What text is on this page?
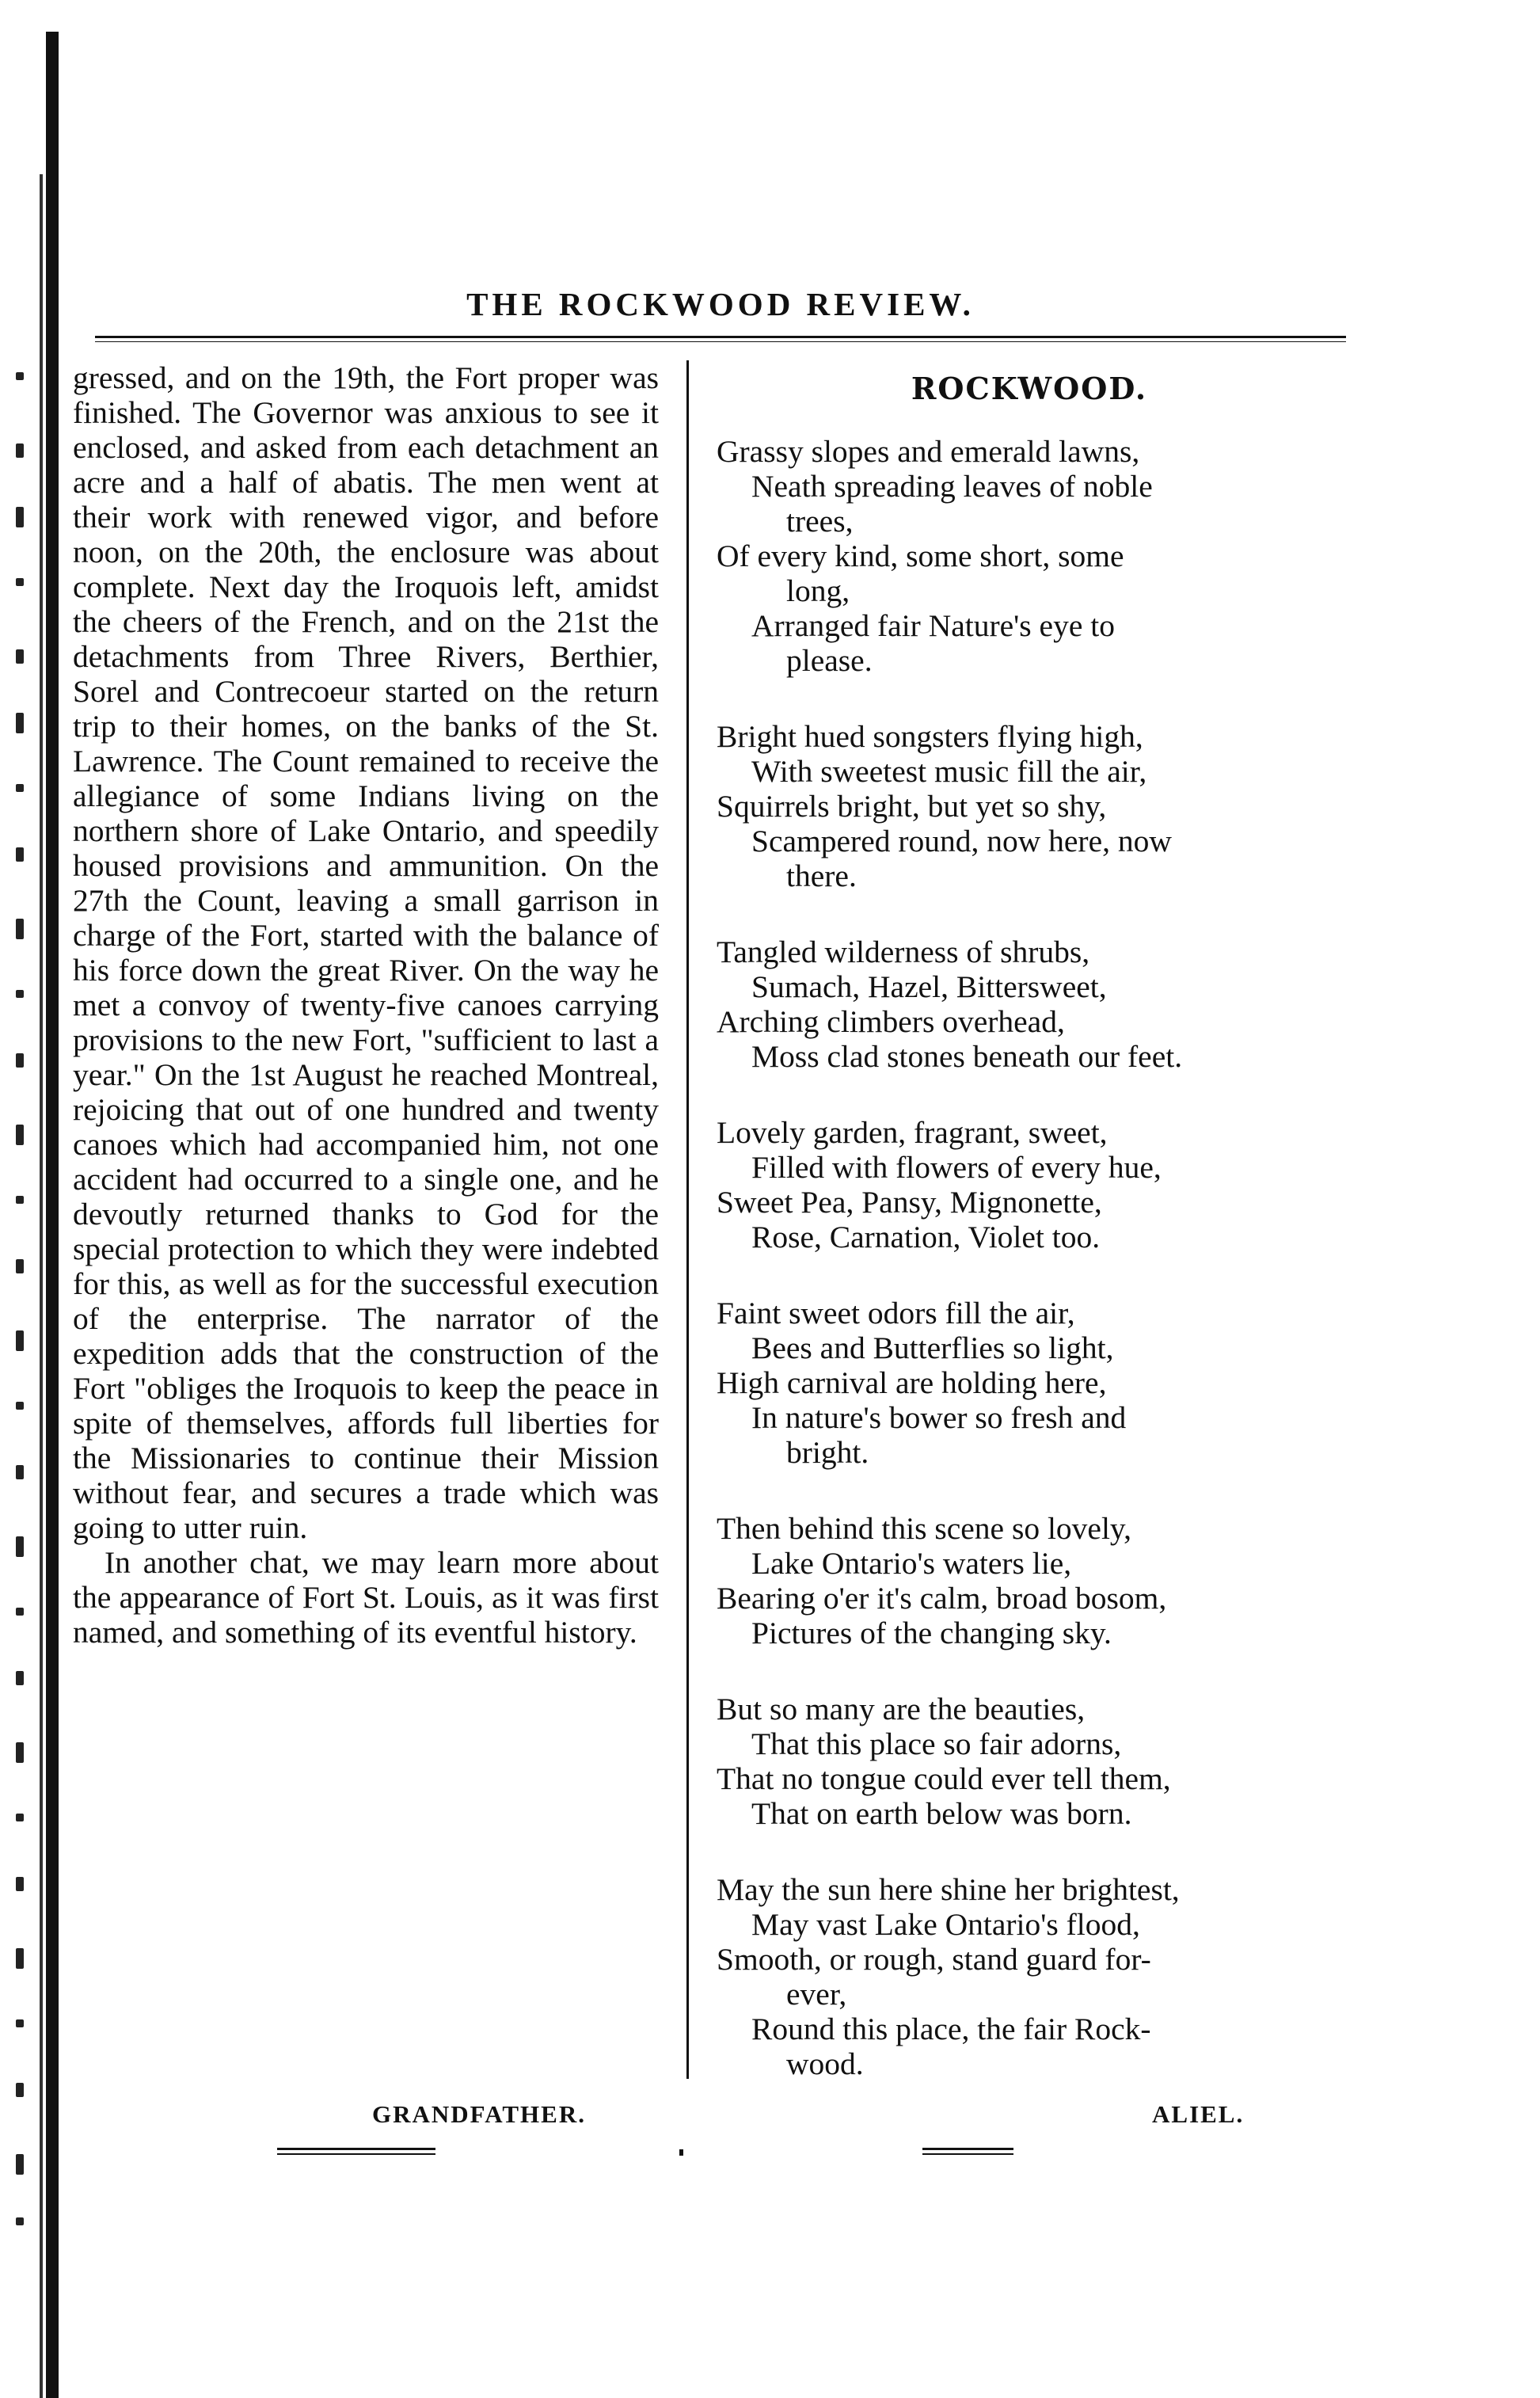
THE ROCKWOOD REVIEW.

gressed, and on the 19th, the Fort proper was finished. The Governor was anxious to see it enclosed, and asked from each detachment an acre and a half of abatis. The men went at their work with renewed vigor, and before noon, on the 20th, the enclosure was about complete. Next day the Iroquois left, amidst the cheers of the French, and on the 21st the detachments from Three Rivers, Berthier, Sorel and Contrecoeur started on the return trip to their homes, on the banks of the St. Lawrence. The Count remained to receive the allegiance of some Indians living on the northern shore of Lake Ontario, and speedily housed provisions and ammunition. On the 27th the Count, leaving a small garrison in charge of the Fort, started with the balance of his force down the great River. On the way he met a convoy of twenty-five canoes carrying provisions to the new Fort, "sufficient to last a year." On the 1st August he reached Montreal, rejoicing that out of one hundred and twenty canoes which had accompanied him, not one accident had occurred to a single one, and he devoutly returned thanks to God for the special protection to which they were indebted for this, as well as for the successful execution of the enterprise. The narrator of the expedition adds that the construction of the Fort "obliges the Iroquois to keep the peace in spite of themselves, affords full liberties for the Missionaries to continue their Mission without fear, and secures a trade which was going to utter ruin.

In another chat, we may learn more about the appearance of Fort St. Louis, as it was first named, and something of its eventful history.

GRANDFATHER.
ROCKWOOD.
Grassy slopes and emerald lawns,
Neath spreading leaves of noble
trees,
Of every kind, some short, some
long,
Arranged fair Nature's eye to
please.
Bright hued songsters flying high,
With sweetest music fill the air,
Squirrels bright, but yet so shy,
Scampered round, now here, now
there.
Tangled wilderness of shrubs,
Sumach, Hazel, Bittersweet,
Arching climbers overhead,
Moss clad stones beneath our feet.
Lovely garden, fragrant, sweet,
Filled with flowers of every hue,
Sweet Pea, Pansy, Mignonette,
Rose, Carnation, Violet too.
Faint sweet odors fill the air,
Bees and Butterflies so light,
High carnival are holding here,
In nature's bower so fresh and
bright.
Then behind this scene so lovely,
Lake Ontario's waters lie,
Bearing o'er it's calm, broad bosom,
Pictures of the changing sky.
But so many are the beauties,
That this place so fair adorns,
That no tongue could ever tell them,
That on earth below was born.
May the sun here shine her brightest,
May vast Lake Ontario's flood,
Smooth, or rough, stand guard for-
ever,
Round this place, the fair Rock-
wood.
ALIEL.
